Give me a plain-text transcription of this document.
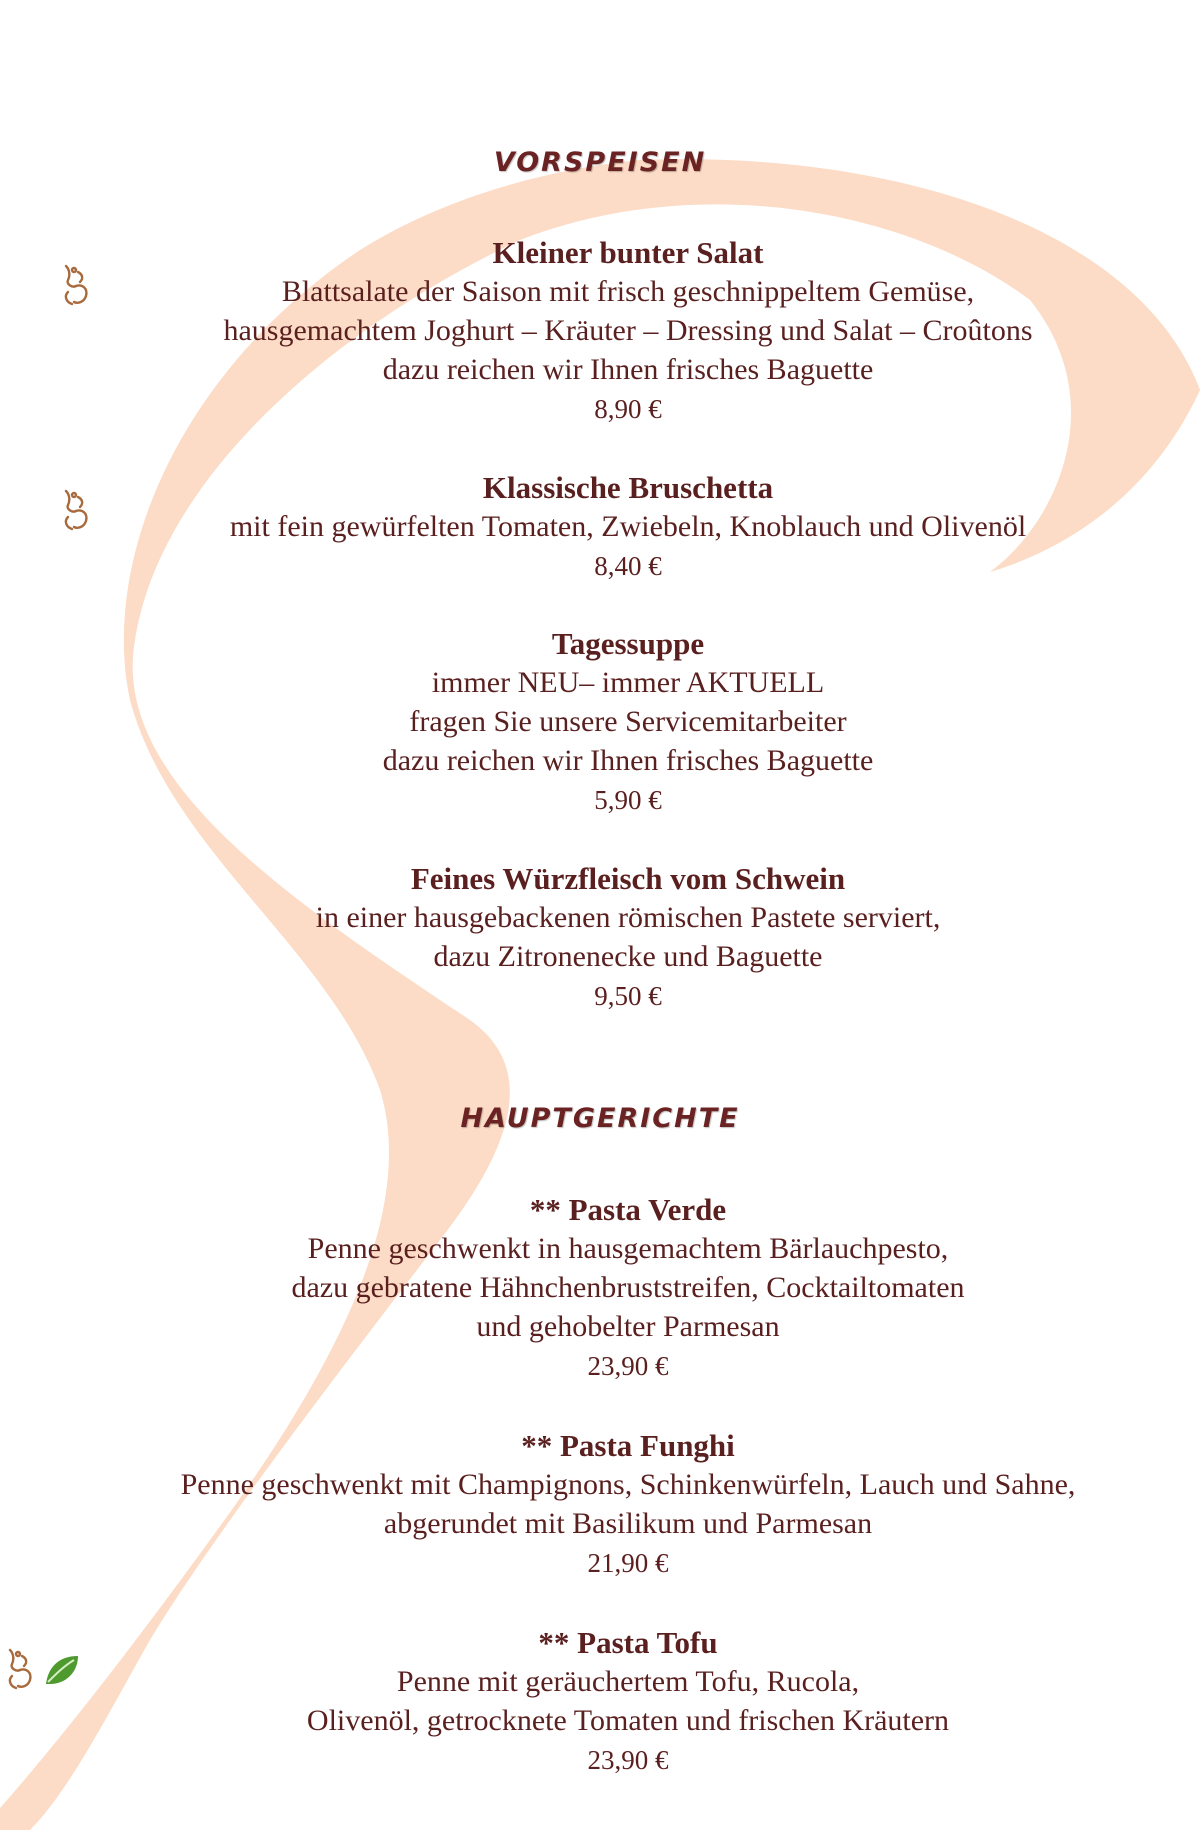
VORSPEISEN
Kleiner bunter Salat
Blattsalate der Saison mit frisch geschnippeltem Gemüse,
hausgemachtem Joghurt – Kräuter – Dressing und Salat – Croûtons
dazu reichen wir Ihnen frisches Baguette
8,90 €
Klassische Bruschetta
mit fein gewürfelten Tomaten, Zwiebeln, Knoblauch und Olivenöl
8,40 €
Tagessuppe
immer NEU– immer AKTUELL
fragen Sie unsere Servicemitarbeiter
dazu reichen wir Ihnen frisches Baguette
5,90 €
Feines Würzfleisch vom Schwein
in einer hausgebackenen römischen Pastete serviert,
dazu Zitronenecke und Baguette
9,50 €
HAUPTGERICHTE
** Pasta Verde
Penne geschwenkt in hausgemachtem Bärlauchpesto,
dazu gebratene Hähnchenbruststreifen, Cocktailtomaten
und gehobelter Parmesan
23,90 €
** Pasta Funghi
Penne geschwenkt mit Champignons, Schinkenwürfeln, Lauch und Sahne,
abgerundet mit Basilikum und Parmesan
21,90 €
** Pasta Tofu
Penne mit geräuchertem Tofu, Rucola,
Olivenöl, getrocknete Tomaten und frischen Kräutern
23,90 €
